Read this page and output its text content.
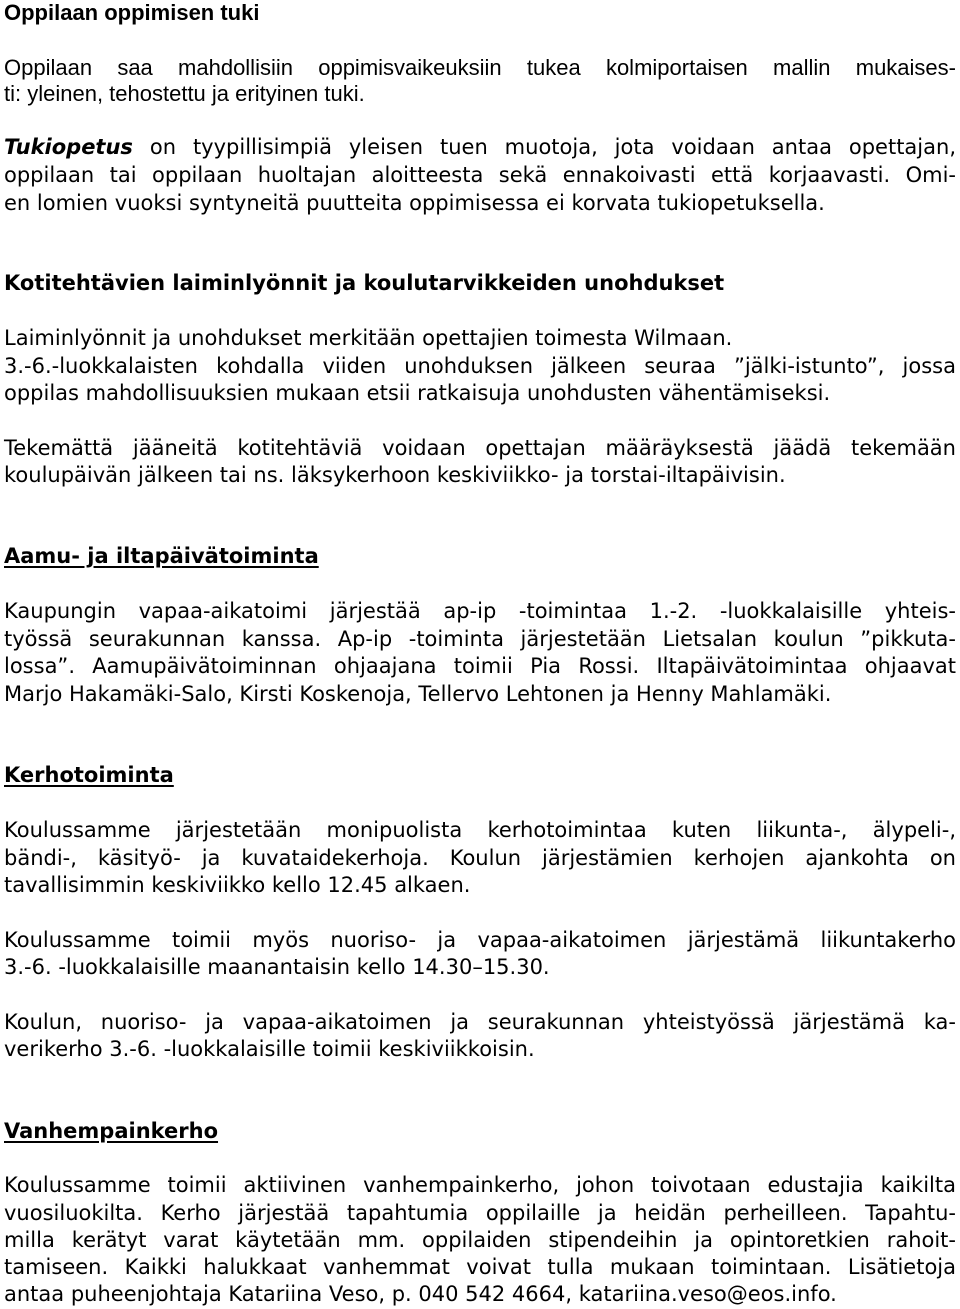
Oppilaan oppimisen tuki
Oppilaan saa mahdollisiin oppimisvaikeuksiin tukea kolmiportaisen mallin mukaises-
ti: yleinen, tehostettu ja erityinen tuki.
Tukiopetus on tyypillisimpiä yleisen tuen muotoja, jota voidaan antaa opettajan,
oppilaan tai oppilaan huoltajan aloitteesta sekä ennakoivasti että korjaavasti. Omi-
en lomien vuoksi syntyneitä puutteita oppimisessa ei korvata tukiopetuksella.
Kotitehtävien laiminlyönnit ja koulutarvikkeiden unohdukset
Laiminlyönnit ja unohdukset merkitään opettajien toimesta Wilmaan.
3.-6.-luokkalaisten kohdalla viiden unohduksen jälkeen seuraa ”jälki-istunto”, jossa
oppilas mahdollisuuksien mukaan etsii ratkaisuja unohdusten vähentämiseksi.
Tekemättä jääneitä kotitehtäviä voidaan opettajan määräyksestä jäädä tekemään
koulupäivän jälkeen tai ns. läksykerhoon keskiviikko- ja torstai-iltapäivisin.
Aamu- ja iltapäivätoiminta
Kaupungin vapaa-aikatoimi järjestää ap-ip -toimintaa 1.-2. -luokkalaisille yhteis-
työssä seurakunnan kanssa. Ap-ip -toiminta järjestetään Lietsalan koulun ”pikkuta-
lossa”. Aamupäivätoiminnan ohjaajana toimii Pia Rossi. Iltapäivätoimintaa ohjaavat
Marjo Hakamäki-Salo, Kirsti Koskenoja, Tellervo Lehtonen ja Henny Mahlamäki.
Kerhotoiminta
Koulussamme järjestetään monipuolista kerhotoimintaa kuten liikunta-, älypeli-,
bändi-, käsityö- ja kuvataidekerhoja. Koulun järjestämien kerhojen ajankohta on
tavallisimmin keskiviikko kello 12.45 alkaen.
Koulussamme toimii myös nuoriso- ja vapaa-aikatoimen järjestämä liikuntakerho
3.-6. -luokkalaisille maanantaisin kello 14.30–15.30.
Koulun, nuoriso- ja vapaa-aikatoimen ja seurakunnan yhteistyössä järjestämä ka-
verikerho 3.-6. -luokkalaisille toimii keskiviikkoisin.
Vanhempainkerho
Koulussamme toimii aktiivinen vanhempainkerho, johon toivotaan edustajia kaikilta
vuosiluokilta. Kerho järjestää tapahtumia oppilaille ja heidän perheilleen. Tapahtu-
milla kerätyt varat käytetään mm. oppilaiden stipendeihin ja opintoretkien rahoit-
tamiseen. Kaikki halukkaat vanhemmat voivat tulla mukaan toimintaan. Lisätietoja
antaa puheenjohtaja Katariina Veso, p. 040 542 4664, katariina.veso@eos.info.
